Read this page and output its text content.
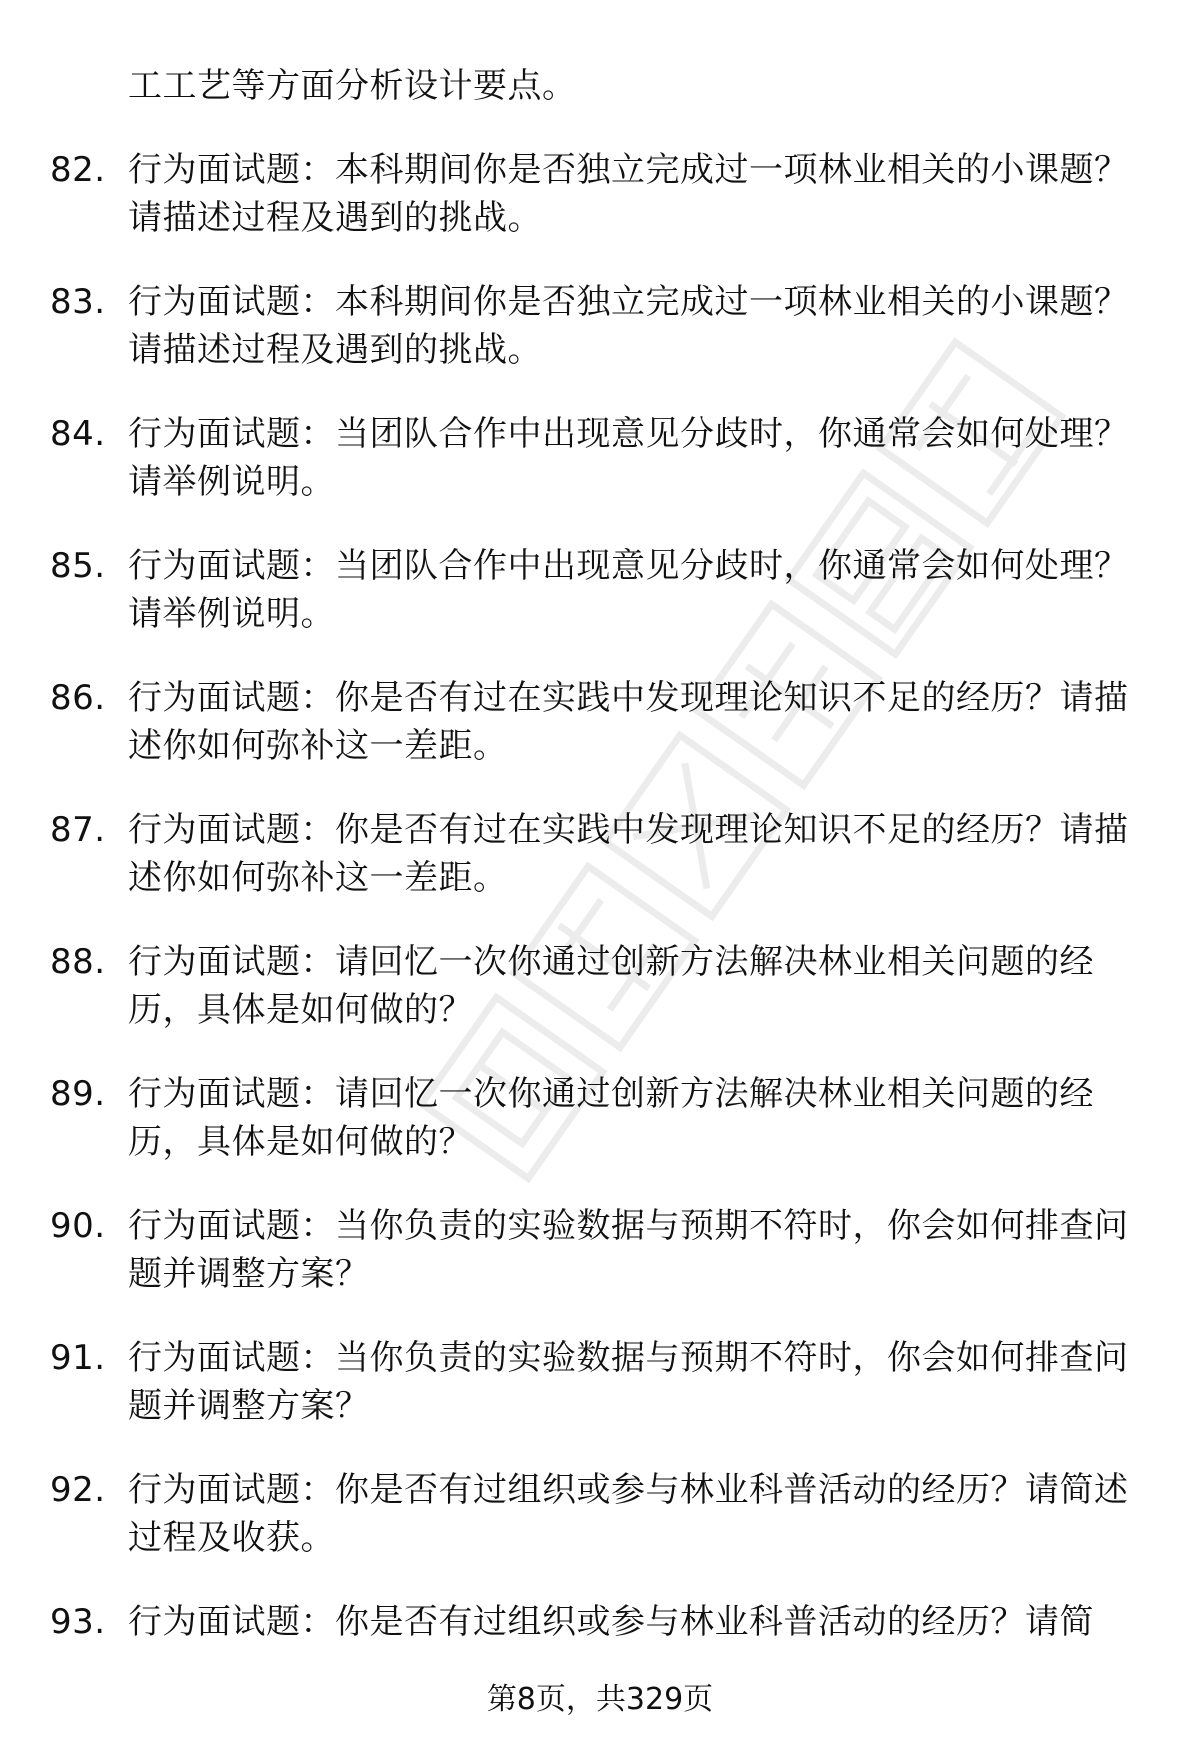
工工艺等方面分析设计要点。
82. 行为面试题：本科期间你是否独立完成过一项林业相关的小课题？请描述过程及遇到的挑战。
83. 行为面试题：本科期间你是否独立完成过一项林业相关的小课题？请描述过程及遇到的挑战。
84. 行为面试题：当团队合作中出现意见分歧时，你通常会如何处理？请举例说明。
85. 行为面试题：当团队合作中出现意见分歧时，你通常会如何处理？请举例说明。
86. 行为面试题：你是否有过在实践中发现理论知识不足的经历？请描述你如何弥补这一差距。
87. 行为面试题：你是否有过在实践中发现理论知识不足的经历？请描述你如何弥补这一差距。
88. 行为面试题：请回忆一次你通过创新方法解决林业相关问题的经历，具体是如何做的？
89. 行为面试题：请回忆一次你通过创新方法解决林业相关问题的经历，具体是如何做的？
90. 行为面试题：当你负责的实验数据与预期不符时，你会如何排查问题并调整方案？
91. 行为面试题：当你负责的实验数据与预期不符时，你会如何排查问题并调整方案？
92. 行为面试题：你是否有过组织或参与林业科普活动的经历？请简述过程及收获。
93. 行为面试题：你是否有过组织或参与林业科普活动的经历？请简
第8页，共329页
